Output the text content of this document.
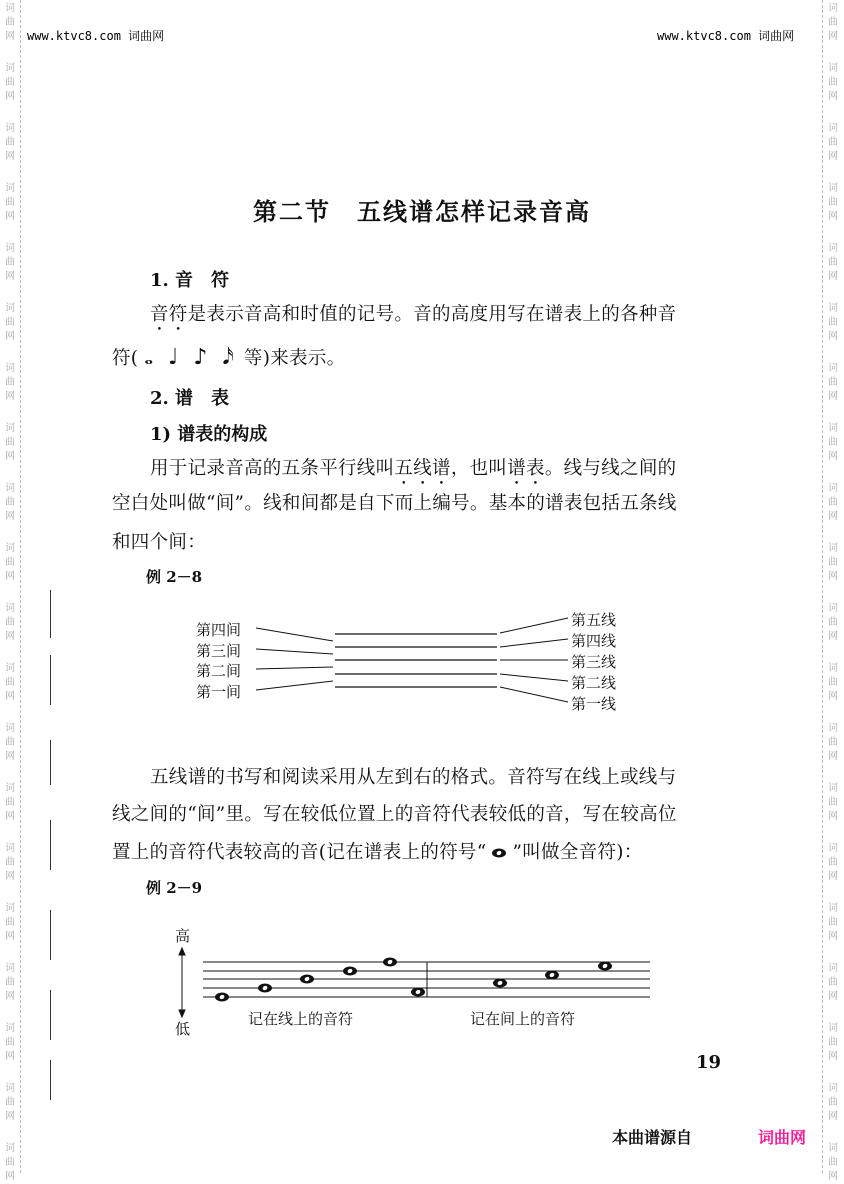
词
曲
网
词
曲
网
词
曲
网
词
曲
网
词
曲
网
词
曲
网
词
曲
网
词
曲
网
词
曲
网
词
曲
网
词
曲
网
词
曲
网
词
曲
网
词
曲
网
词
曲
网
词
曲
网
词
曲
网
词
曲
网
词
曲
网
词
曲
网
词
曲
网
词
曲
网
词
曲
网
词
曲
网
词
曲
网
词
曲
网
词
曲
网
词
曲
网
词
曲
网
词
曲
网
词
曲
网
词
曲
网
词
曲
网
词
曲
网
词
曲
网
词
曲
网
词
曲
网
词
曲
网
词
曲
网
词
曲
网
www.ktvc8.com 词曲网	www.ktvc8.com 词曲网
第二节　五线谱怎样记录音高
1. 音　符
音符是表示音高和时值的记号。音的高度用写在谱表上的各种音
符( 𝅝 ♩ ♪ 𝅘𝅥𝅯 等)来表示。
2. 谱　表
1) 谱表的构成
用于记录音高的五条平行线叫五线谱，也叫谱表。线与线之间的
空白处叫做“间”。线和间都是自下而上编号。基本的谱表包括五条线
和四个间：
例 2－8
第四间
第三间
第二间
第一间
第五线
第四线
第三线
第二线
第一线
五线谱的书写和阅读采用从左到右的格式。音符写在线上或线与
线之间的“间”里。写在较低位置上的音符代表较低的音，写在较高位
置上的音符代表较高的音(记在谱表上的符号“ ”叫做全音符)：
例 2－9
高
低
记在线上的音符	记在间上的音符
19
本曲谱源自	词曲网
